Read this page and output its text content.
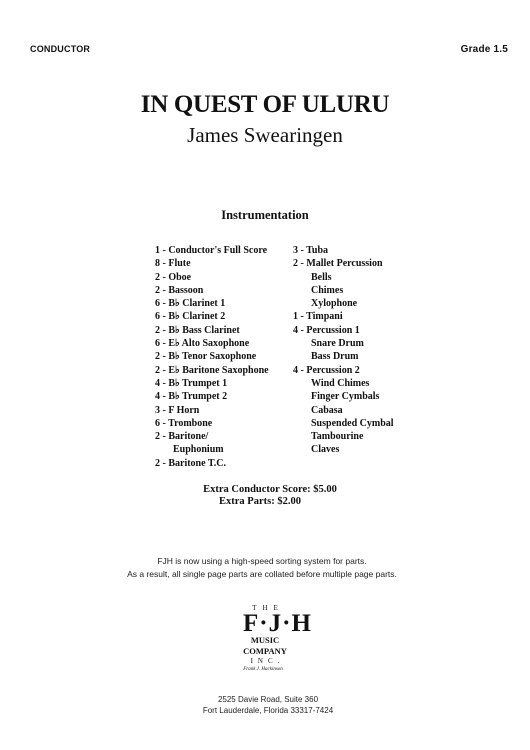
CONDUCTOR	Grade 1.5
IN QUEST OF ULURU
James Swearingen
Instrumentation
1 - Conductor's Full Score
8 - Flute
2 - Oboe
2 - Bassoon
6 - B♭ Clarinet 1
6 - B♭ Clarinet 2
2 - B♭ Bass Clarinet
6 - E♭ Alto Saxophone
2 - B♭ Tenor Saxophone
2 - E♭ Baritone Saxophone
4 - B♭ Trumpet 1
4 - B♭ Trumpet 2
3 - F Horn
6 - Trombone
2 - Baritone/
Euphonium
2 - Baritone T.C.
3 - Tuba
2 - Mallet Percussion
Bells
Chimes
Xylophone
1 - Timpani
4 - Percussion 1
Snare Drum
Bass Drum
4 - Percussion 2
Wind Chimes
Finger Cymbals
Cabasa
Suspended Cymbal
Tambourine
Claves
Extra Conductor Score: $5.00
Extra Parts: $2.00
FJH is now using a high-speed sorting system for parts.
As a result, all single page parts are collated before multiple page parts.
THE
F·J·H
MUSIC
COMPANY
INC.
Frank J. Hackinson
2525 Davie Road, Suite 360
Fort Lauderdale, Florida 33317-7424
